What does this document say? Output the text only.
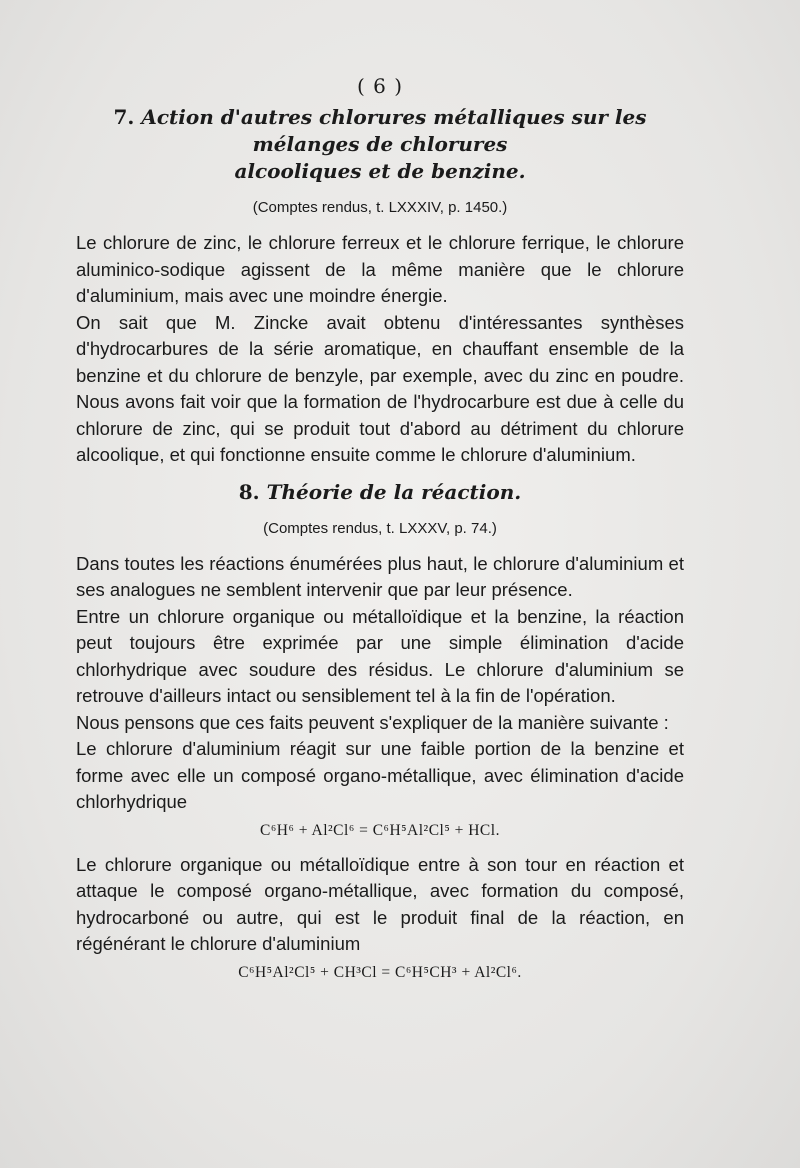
( 6 )
7. Action d'autres chlorures métalliques sur les mélanges de chlorures
alcooliques et de benzine.
(Comptes rendus, t. LXXXIV, p. 1450.)

Le chlorure de zinc, le chlorure ferreux et le chlorure ferrique, le chlorure aluminico-sodique agissent de la même manière que le chlorure d'aluminium, mais avec une moindre énergie.

On sait que M. Zincke avait obtenu d'intéressantes synthèses d'hydrocarbures de la série aromatique, en chauffant ensemble de la benzine et du chlorure de benzyle, par exemple, avec du zinc en poudre. Nous avons fait voir que la formation de l'hydrocarbure est due à celle du chlorure de zinc, qui se produit tout d'abord au détriment du chlorure alcoolique, et qui fonctionne ensuite comme le chlorure d'aluminium.

8. Théorie de la réaction.
(Comptes rendus, t. LXXXV, p. 74.)

Dans toutes les réactions énumérées plus haut, le chlorure d'aluminium et ses analogues ne semblent intervenir que par leur présence.

Entre un chlorure organique ou métalloïdique et la benzine, la réaction peut toujours être exprimée par une simple élimination d'acide chlorhydrique avec soudure des résidus. Le chlorure d'aluminium se retrouve d'ailleurs intact ou sensiblement tel à la fin de l'opération.

Nous pensons que ces faits peuvent s'expliquer de la manière suivante :

Le chlorure d'aluminium réagit sur une faible portion de la benzine et forme avec elle un composé organo-métallique, avec élimination d'acide chlorhydrique

C⁶H⁶ + Al²Cl⁶ = C⁶H⁵Al²Cl⁵ + HCl.

Le chlorure organique ou métalloïdique entre à son tour en réaction et attaque le composé organo-métallique, avec formation du composé, hydrocarboné ou autre, qui est le produit final de la réaction, en régénérant le chlorure d'aluminium

C⁶H⁵Al²Cl⁵ + CH³Cl = C⁶H⁵CH³ + Al²Cl⁶.
